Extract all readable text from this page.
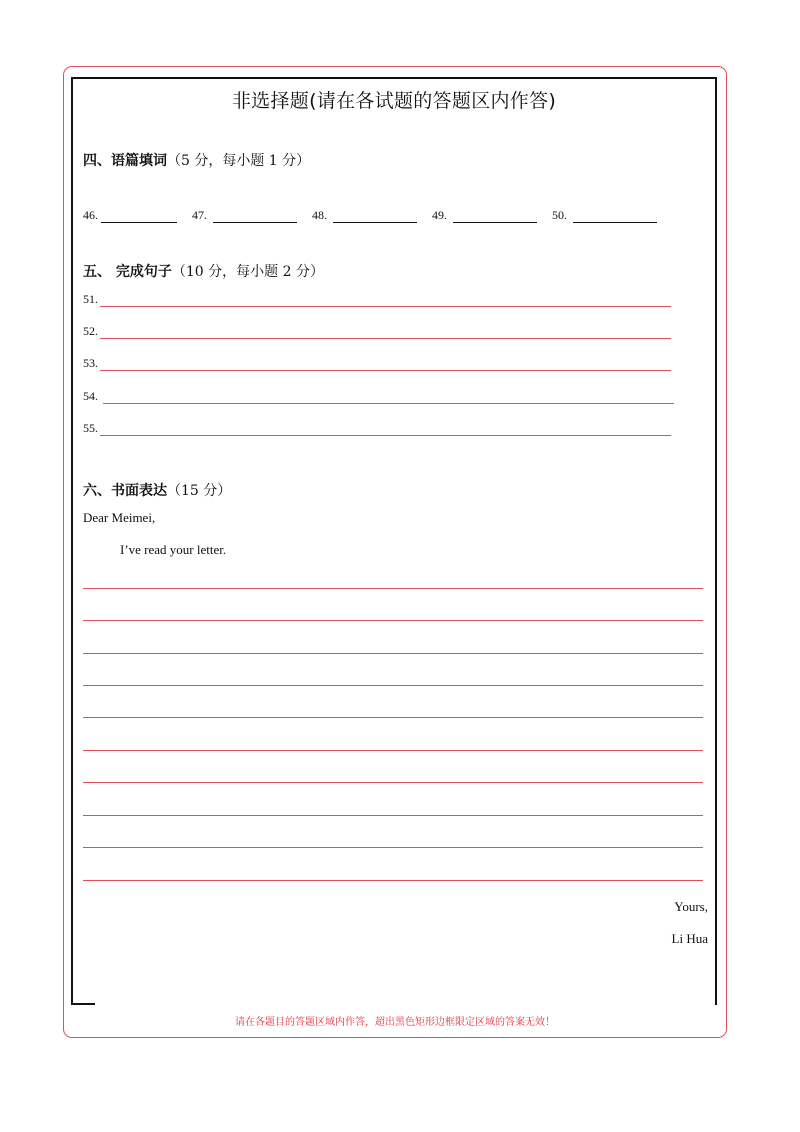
非选择题(请在各试题的答题区内作答)
四、语篇填词（5 分，每小题 1 分）
46.	47.	48.	49.	50.
五、 完成句子（10 分，每小题 2 分）
51.
52.
53.
54.
55.
六、书面表达（15 分）
Dear Meimei,
I’ve read your letter.
Yours,
Li Hua
请在各题目的答题区域内作答，超出黑色矩形边框限定区域的答案无效！
